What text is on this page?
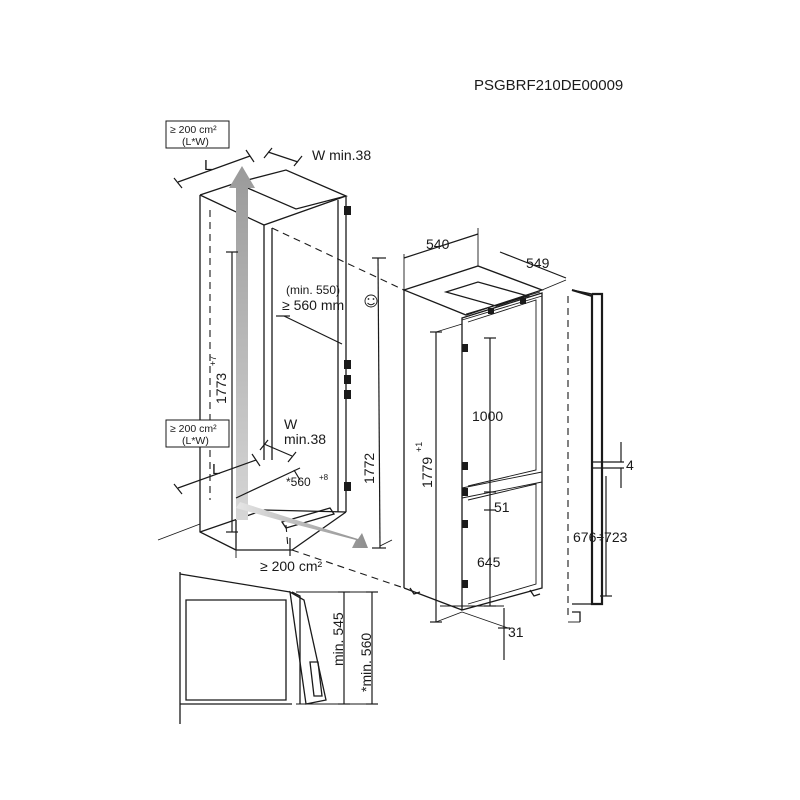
PSGBRF210DE00009
1773
+7
(min. 550)
≥ 560 mm
1772
*560 +8
≥ 200 cm²
≥ 200 cm²
(L*W)
L
W min.38
≥ 200 cm²
(L*W)
L
W
min.38
540
549
1779
+1
1000
51
645
31
4
676÷723
min. 545 *min. 560
